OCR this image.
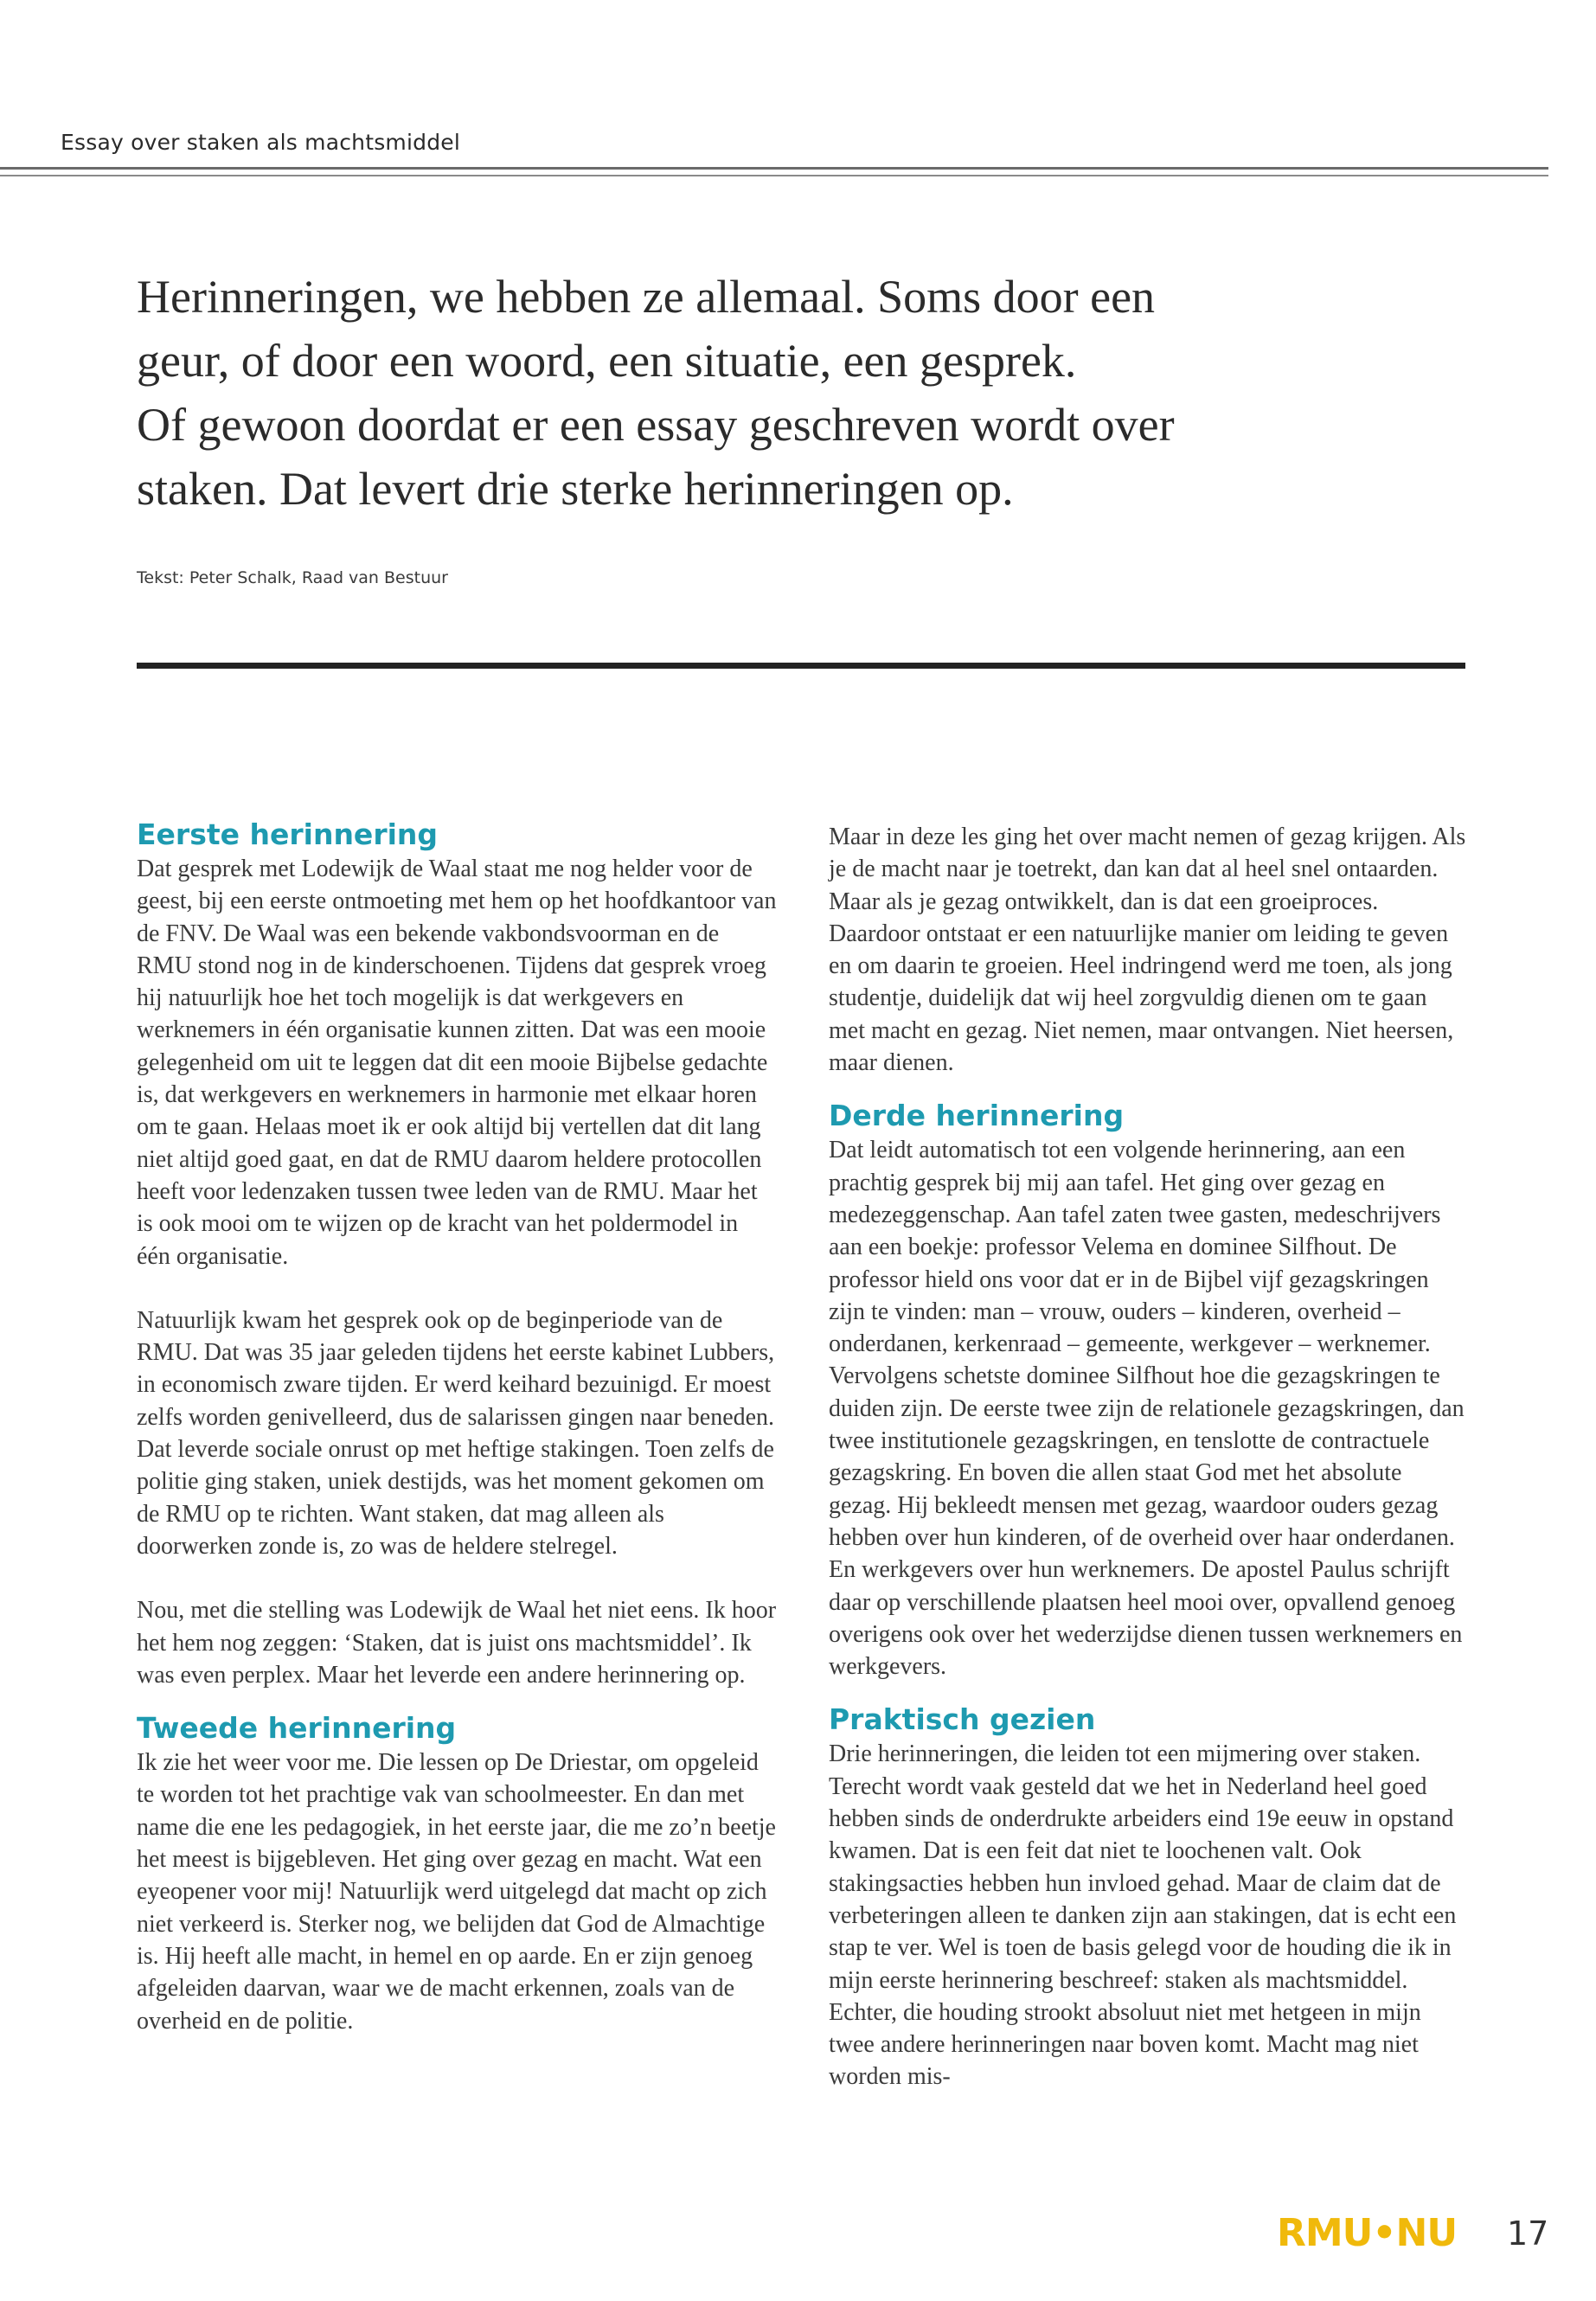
Essay over staken als machtsmiddel

Herinneringen, we hebben ze allemaal. Soms door een

geur, of door een woord, een situatie, een gesprek.

Of gewoon doordat er een essay geschreven wordt over

staken. Dat levert drie sterke herinneringen op.

Tekst: Peter Schalk, Raad van Bestuur
Eerste herinnering

Dat gesprek met Lodewijk de Waal staat me nog helder voor de geest, bij een eerste ontmoeting met hem op het hoofdkantoor van de FNV. De Waal was een bekende vakbondsvoorman en de RMU stond nog in de kinderschoenen. Tijdens dat gesprek vroeg hij natuurlijk hoe het toch mogelijk is dat werkgevers en werknemers in één organisatie kunnen zitten. Dat was een mooie gelegenheid om uit te leggen dat dit een mooie Bijbelse gedachte is, dat werkgevers en werknemers in harmonie met elkaar horen om te gaan. Helaas moet ik er ook altijd bij vertellen dat dit lang niet altijd goed gaat, en dat de RMU daarom heldere protocollen heeft voor ledenzaken tussen twee leden van de RMU. Maar het is ook mooi om te wijzen op de kracht van het poldermodel in één organisatie.

Natuurlijk kwam het gesprek ook op de beginperiode van de RMU. Dat was 35 jaar geleden tijdens het eerste kabinet Lubbers, in economisch zware tijden. Er werd keihard bezuinigd. Er moest zelfs worden genivelleerd, dus de salarissen gingen naar beneden. Dat leverde sociale onrust op met heftige stakingen. Toen zelfs de politie ging staken, uniek destijds, was het moment gekomen om de RMU op te richten. Want staken, dat mag alleen als doorwerken zonde is, zo was de heldere stelregel.

Nou, met die stelling was Lodewijk de Waal het niet eens. Ik hoor het hem nog zeggen: ‘Staken, dat is juist ons machtsmiddel’. Ik was even perplex. Maar het leverde een andere herinnering op.

Tweede herinnering

Ik zie het weer voor me. Die lessen op De Driestar, om opgeleid te worden tot het prachtige vak van schoolmeester. En dan met name die ene les pedagogiek, in het eerste jaar, die me zo’n beetje het meest is bijgebleven. Het ging over gezag en macht. Wat een eyeopener voor mij! Natuurlijk werd uitgelegd dat macht op zich niet verkeerd is. Sterker nog, we belijden dat God de Almachtige is. Hij heeft alle macht, in hemel en op aarde. En er zijn genoeg afgeleiden daarvan, waar we de macht erkennen, zoals van de overheid en de politie.

Maar in deze les ging het over macht nemen of gezag krijgen. Als je de macht naar je toetrekt, dan kan dat al heel snel ontaarden. Maar als je gezag ontwikkelt, dan is dat een groeiproces. Daardoor ontstaat er een natuurlijke manier om leiding te geven en om daarin te groeien. Heel indringend werd me toen, als jong studentje, duidelijk dat wij heel zorgvuldig dienen om te gaan met macht en gezag. Niet nemen, maar ontvangen. Niet heersen, maar dienen.

Derde herinnering

Dat leidt automatisch tot een volgende herinnering, aan een prachtig gesprek bij mij aan tafel. Het ging over gezag en medezeggenschap. Aan tafel zaten twee gasten, medeschrijvers aan een boekje: professor Velema en dominee Silfhout. De professor hield ons voor dat er in de Bijbel vijf gezagskringen zijn te vinden: man – vrouw, ouders – kinderen, overheid – onderdanen, kerkenraad – gemeente, werkgever – werknemer. Vervolgens schetste dominee Silfhout hoe die gezagskringen te duiden zijn. De eerste twee zijn de relationele gezagskringen, dan twee institutionele gezagskringen, en tenslotte de contractuele gezagskring. En boven die allen staat God met het absolute gezag. Hij bekleedt mensen met gezag, waardoor ouders gezag hebben over hun kinderen, of de overheid over haar onderdanen. En werkgevers over hun werknemers. De apostel Paulus schrijft daar op verschillende plaatsen heel mooi over, opvallend genoeg overigens ook over het wederzijdse dienen tussen werknemers en werkgevers.

Praktisch gezien

Drie herinneringen, die leiden tot een mijmering over staken. Terecht wordt vaak gesteld dat we het in Nederland heel goed hebben sinds de onderdrukte arbeiders eind 19e eeuw in opstand kwamen. Dat is een feit dat niet te loochenen valt. Ook stakingsacties hebben hun invloed gehad. Maar de claim dat de verbeteringen alleen te danken zijn aan stakingen, dat is echt een stap te ver. Wel is toen de basis gelegd voor de houding die ik in mijn eerste herinnering beschreef: staken als machtsmiddel. Echter, die houding strookt absoluut niet met hetgeen in mijn twee andere herinneringen naar boven komt. Macht mag niet worden mis-

RMU•NU 17
